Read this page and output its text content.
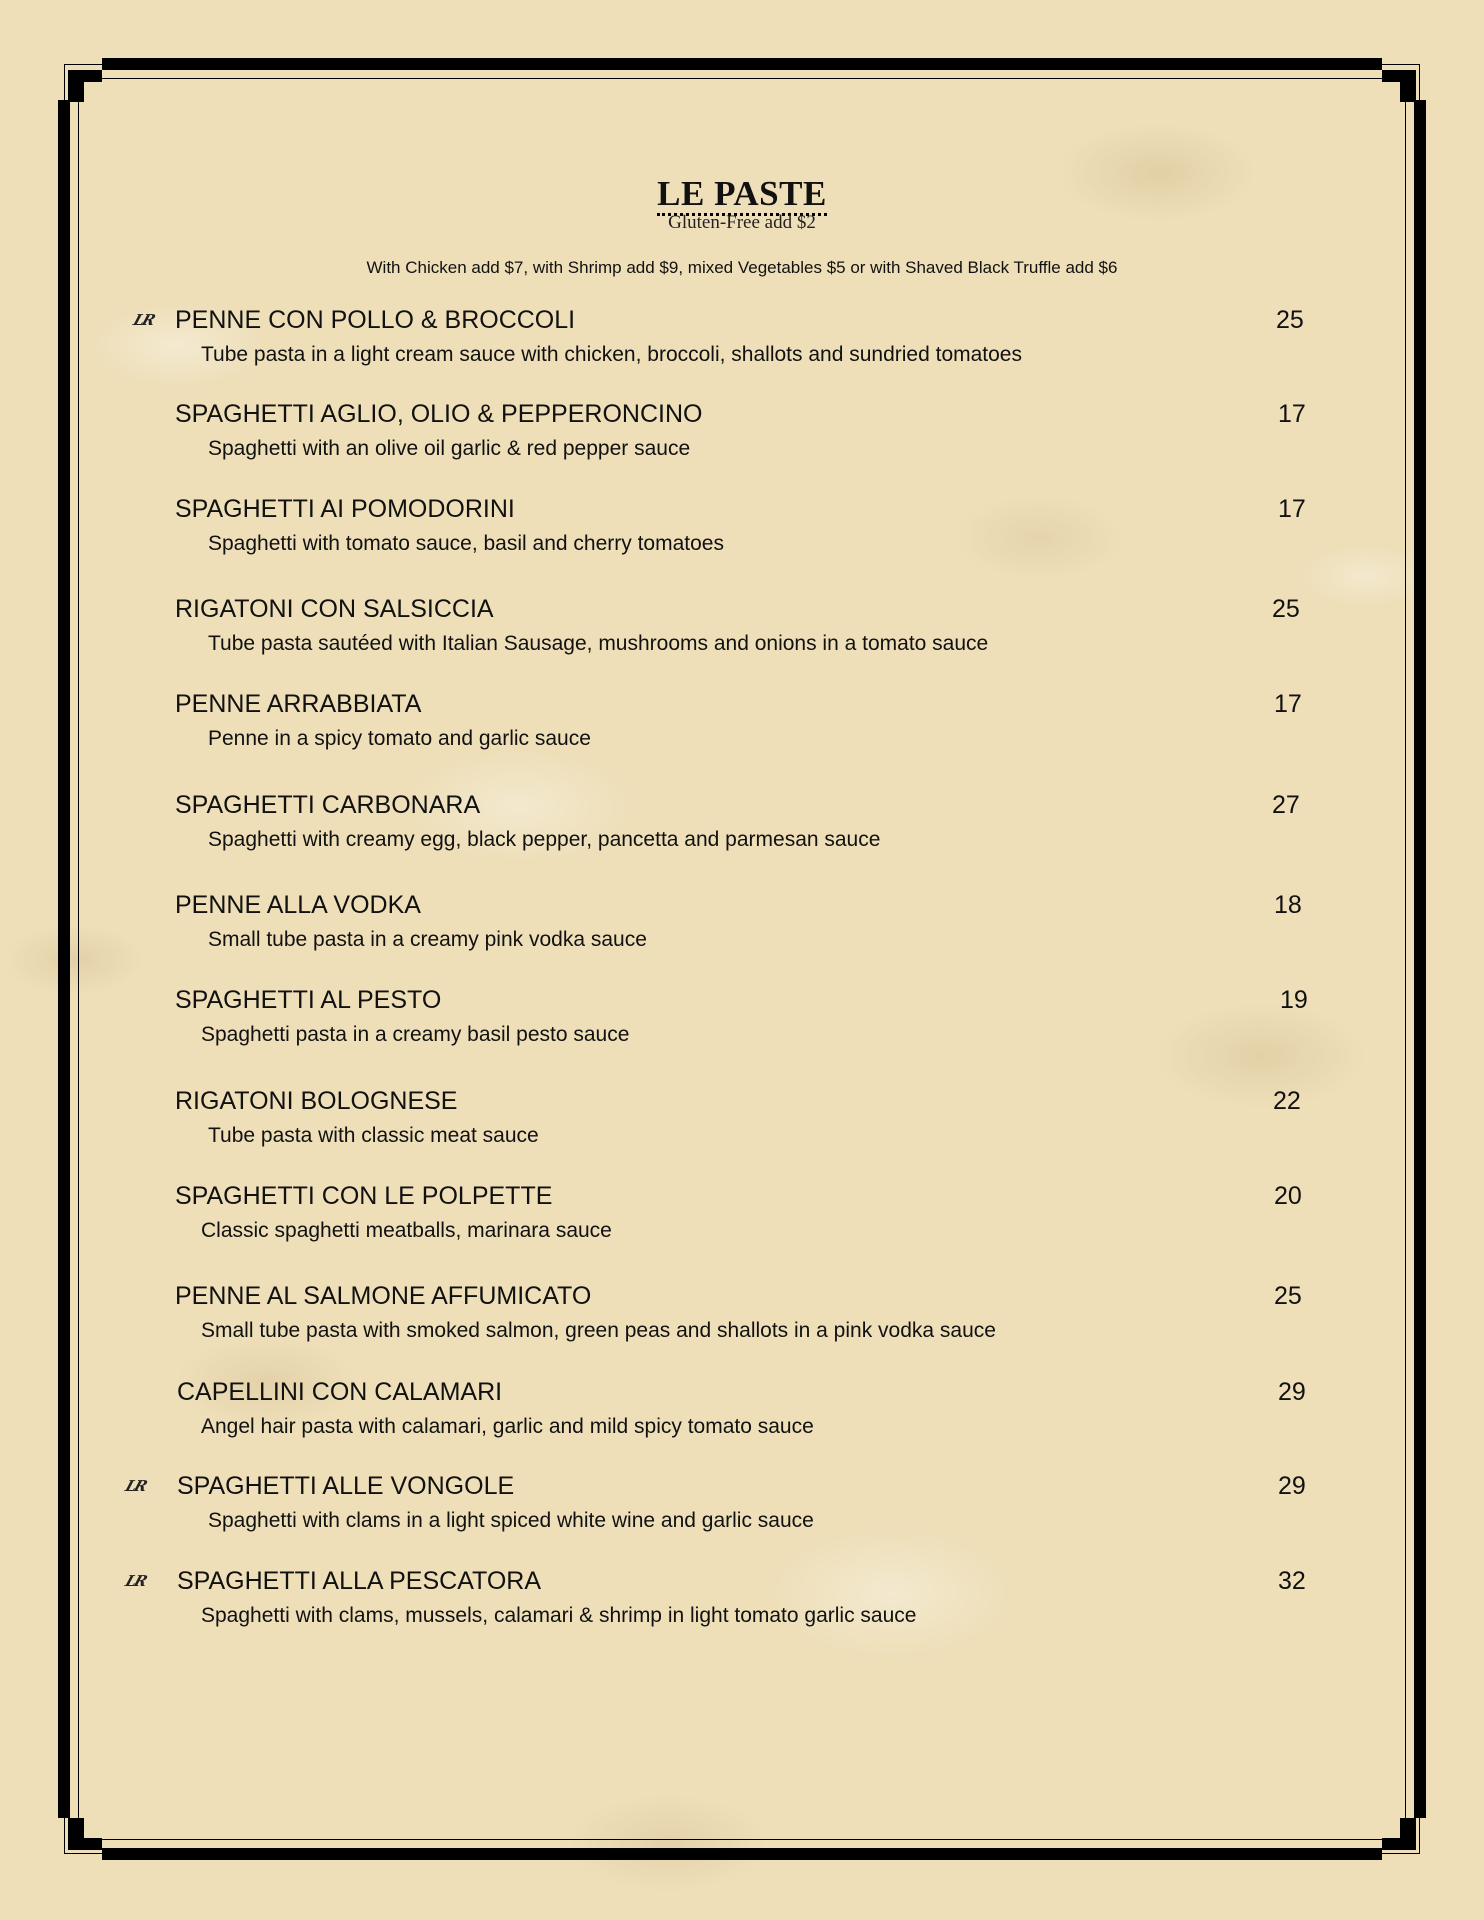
LE PASTE
Gluten-Free add $2
With Chicken add $7, with Shrimp add $9, mixed Vegetables $5 or with Shaved Black Truffle add $6
LR PENNE CON POLLO & BROCCOLI	25
Tube pasta in a light cream sauce with chicken, broccoli, shallots and sundried tomatoes
SPAGHETTI AGLIO, OLIO & PEPPERONCINO	17
Spaghetti with an olive oil garlic & red pepper sauce
SPAGHETTI AI POMODORINI	17
Spaghetti with tomato sauce, basil and cherry tomatoes
RIGATONI CON SALSICCIA	25
Tube pasta sautéed with Italian Sausage, mushrooms and onions in a tomato sauce
PENNE ARRABBIATA	17
Penne in a spicy tomato and garlic sauce
SPAGHETTI CARBONARA	27
Spaghetti with creamy egg, black pepper, pancetta and parmesan sauce
PENNE ALLA VODKA	18
Small tube pasta in a creamy pink vodka sauce
SPAGHETTI AL PESTO	19
Spaghetti pasta in a creamy basil pesto sauce
RIGATONI BOLOGNESE	22
Tube pasta with classic meat sauce
SPAGHETTI CON LE POLPETTE	20
Classic spaghetti meatballs, marinara sauce
PENNE AL SALMONE AFFUMICATO	25
Small tube pasta with smoked salmon, green peas and shallots in a pink vodka sauce
CAPELLINI CON CALAMARI	29
Angel hair pasta with calamari, garlic and mild spicy tomato sauce
LR	SPAGHETTI ALLE VONGOLE	29
Spaghetti with clams in a light spiced white wine and garlic sauce
LR	SPAGHETTI ALLA PESCATORA	32
Spaghetti with clams, mussels, calamari & shrimp in light tomato garlic sauce
